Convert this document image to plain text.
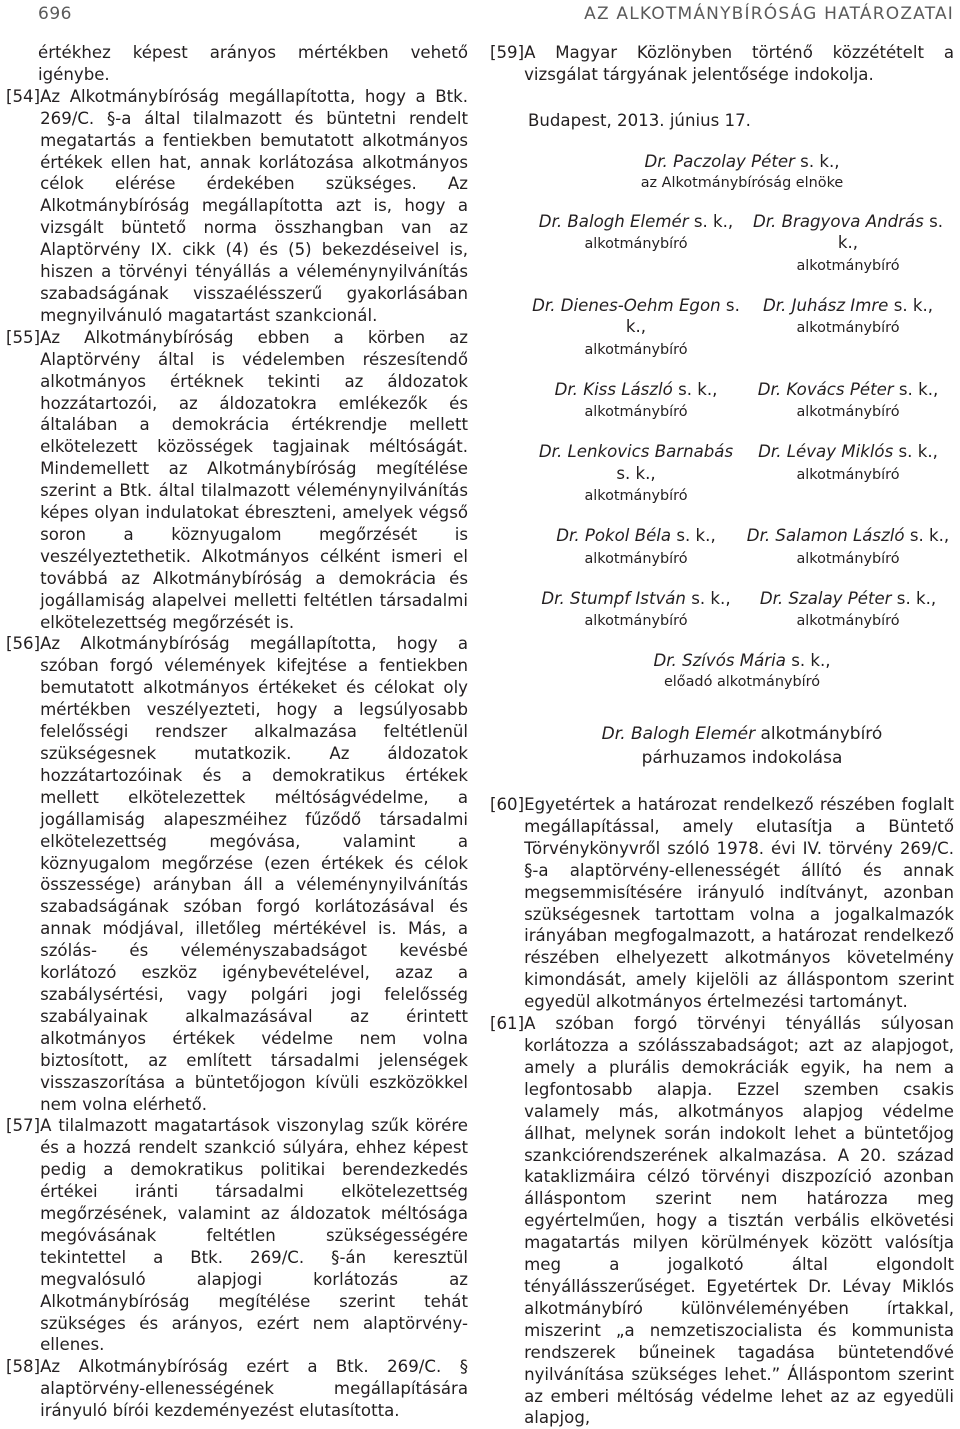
696	AZ ALKOTMÁNYBÍRÓSÁG HATÁROZATAI
értékhez képest arányos mértékben vehető igénybe.
[54] Az Alkotmánybíróság megállapította, hogy a Btk. 269/C. §-a által tilalmazott és büntetni rendelt megatartás a fentiekben bemutatott alkotmányos értékek ellen hat, annak korlátozása alkotmányos célok elérése érdekében szükséges. Az Alkotmánybíróság megállapította azt is, hogy a vizsgált büntető norma összhangban van az Alaptörvény IX. cikk (4) és (5) bekezdéseivel is, hiszen a törvényi tényállás a véleménynyilvánítás szabadságának visszaélésszerű gyakorlásában megnyilvánuló magatartást szankcionál.
[55] Az Alkotmánybíróság ebben a körben az Alaptörvény által is védelemben részesítendő alkotmányos értéknek tekinti az áldozatok hozzátartozói, az áldozatokra emlékezők és általában a demokrácia értékrendje mellett elkötelezett közösségek tagjainak méltóságát. Mindemellett az Alkotmánybíróság megítélése szerint a Btk. által tilalmazott véleménynyilvánítás képes olyan indulatokat ébreszteni, amelyek végső soron a köznyugalom megőrzését is veszélyeztethetik. Alkotmányos célként ismeri el továbbá az Alkotmánybíróság a demokrácia és jogállamiság alapelvei melletti feltétlen társadalmi elkötelezettség megőrzését is.
[56] Az Alkotmánybíróság megállapította, hogy a szóban forgó vélemények kifejtése a fentiekben bemutatott alkotmányos értékeket és célokat oly mértékben veszélyezteti, hogy a legsúlyosabb felelősségi rendszer alkalmazása feltétlenül szükségesnek mutatkozik. Az áldozatok hozzátartozóinak és a demokratikus értékek mellett elkötelezettek méltóságvédelme, a jogállamiság alapeszméihez fűződő társadalmi elkötelezettség megóvása, valamint a köznyugalom megőrzése (ezen értékek és célok összessége) arányban áll a véleménynyilvánítás szabadságának szóban forgó korlátozásával és annak módjával, illetőleg mértékével is. Más, a szólás- és véleményszabadságot kevésbé korlátozó eszköz igénybevételével, azaz a szabálysértési, vagy polgári jogi felelősség szabályainak alkalmazásával az érintett alkotmányos értékek védelme nem volna biztosított, az említett társadalmi jelenségek visszaszorítása a büntetőjogon kívüli eszközökkel nem volna elérhető.
[57] A tilalmazott magatartások viszonylag szűk körére és a hozzá rendelt szankció súlyára, ehhez képest pedig a demokratikus politikai berendezkedés értékei iránti társadalmi elkötelezettség megőrzésének, valamint az áldozatok méltósága megóvásának feltétlen szükségességére tekintettel a Btk. 269/C. §-án keresztül megvalósuló alapjogi korlátozás az Alkotmánybíróság megítélése szerint tehát szükséges és arányos, ezért nem alaptörvény-ellenes.
[58] Az Alkotmánybíróság ezért a Btk. 269/C. § alaptörvény-ellenességének megállapítására irányuló bírói kezdeményezést elutasította.
[59] A Magyar Közlönyben történő közzétételt a vizsgálat tárgyának jelentősége indokolja.
Budapest, 2013. június 17.
Dr. Paczolay Péter s. k.,
az Alkotmánybíróság elnöke
Dr. Balogh Elemér s. k.,
alkotmánybíró
Dr. Bragyova András s. k.,
alkotmánybíró
Dr. Dienes-Oehm Egon s. k.,
alkotmánybíró
Dr. Juhász Imre s. k.,
alkotmánybíró
Dr. Kiss László s. k.,
alkotmánybíró
Dr. Kovács Péter s. k.,
alkotmánybíró
Dr. Lenkovics Barnabás s. k.,
alkotmánybíró
Dr. Lévay Miklós s. k.,
alkotmánybíró
Dr. Pokol Béla s. k.,
alkotmánybíró
Dr. Salamon László s. k.,
alkotmánybíró
Dr. Stumpf István s. k.,
alkotmánybíró
Dr. Szalay Péter s. k.,
alkotmánybíró
Dr. Szívós Mária s. k.,
előadó alkotmánybíró
Dr. Balogh Elemér alkotmánybíró
párhuzamos indokolása
[60] Egyetértek a határozat rendelkező részében foglalt megállapítással, amely elutasítja a Büntető Törvénykönyvről szóló 1978. évi IV. törvény 269/C. §-a alaptörvény-ellenességét állító és annak megsemmisítésére irányuló indítványt, azonban szükségesnek tartottam volna a jogalkalmazók irányában megfogalmazott, a határozat rendelkező részében elhelyezett alkotmányos követelmény kimondását, amely kijelöli az álláspontom szerint egyedül alkotmányos értelmezési tartományt.
[61] A szóban forgó törvényi tényállás súlyosan korlátozza a szólásszabadságot; azt az alapjogot, amely a plurális demokráciák egyik, ha nem a legfontosabb alapja. Ezzel szemben csakis valamely más, alkotmányos alapjog védelme állhat, melynek során indokolt lehet a büntetőjog szankciórendszerének alkalmazása. A 20. század kataklizmáira célzó törvényi diszpozíció azonban álláspontom szerint nem határozza meg egyértelműen, hogy a tisztán verbális elkövetési magatartás milyen körülmények között valósítja meg a jogalkotó által elgondolt tényállásszerűséget. Egyetértek Dr. Lévay Miklós alkotmánybíró különvéleményében írtakkal, miszerint „a nemzetiszocialista és kommunista rendszerek bűneinek tagadása büntetendővé nyilvánítása szükséges lehet.” Álláspontom szerint az emberi méltóság védelme lehet az az egyedüli alapjog,
